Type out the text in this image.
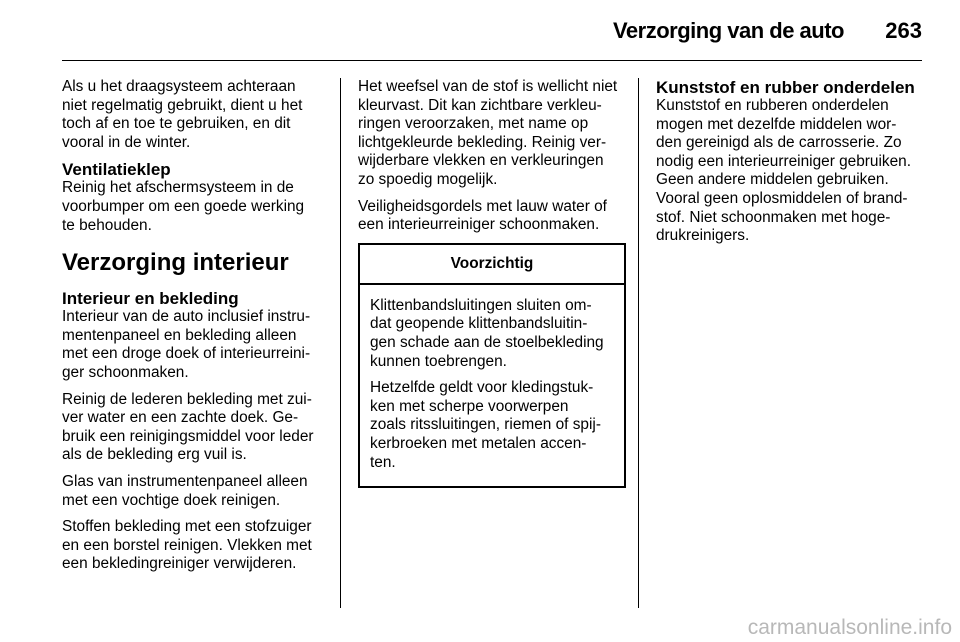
Verzorging van de auto 263

Als u het draagsysteem achteraan
niet regelmatig gebruikt, dient u het
toch af en toe te gebruiken, en dit
vooral in de winter.

Ventilatieklep

Reinig het afschermsysteem in de
voorbumper om een goede werking
te behouden.

Verzorging interieur
Interieur en bekleding

Interieur van de auto inclusief instru-
mentenpaneel en bekleding alleen
met een droge doek of interieurreini-
ger schoonmaken.

Reinig de lederen bekleding met zui-
ver water en een zachte doek. Ge-
bruik een reinigingsmiddel voor leder
als de bekleding erg vuil is.

Glas van instrumentenpaneel alleen
met een vochtige doek reinigen.

Stoffen bekleding met een stofzuiger
en een borstel reinigen. Vlekken met
een bekledingreiniger verwijderen.

Het weefsel van de stof is wellicht niet
kleurvast. Dit kan zichtbare verkleu-
ringen veroorzaken, met name op
lichtgekleurde bekleding. Reinig ver-
wijderbare vlekken en verkleuringen
zo spoedig mogelijk.

Veiligheidsgordels met lauw water of
een interieurreiniger schoonmaken.

Voorzichtig

Klittenbandsluitingen sluiten om-
dat geopende klittenbandsluitin-
gen schade aan de stoelbekleding
kunnen toebrengen.

Hetzelfde geldt voor kledingstuk-
ken met scherpe voorwerpen
zoals ritssluitingen, riemen of spij-
kerbroeken met metalen accen-
ten.

Kunststof en rubber onderdelen

Kunststof en rubberen onderdelen
mogen met dezelfde middelen wor-
den gereinigd als de carrosserie. Zo
nodig een interieurreiniger gebruiken.
Geen andere middelen gebruiken.
Vooral geen oplosmiddelen of brand-
stof. Niet schoonmaken met hoge-
drukreinigers.

carmanualsonline.info
